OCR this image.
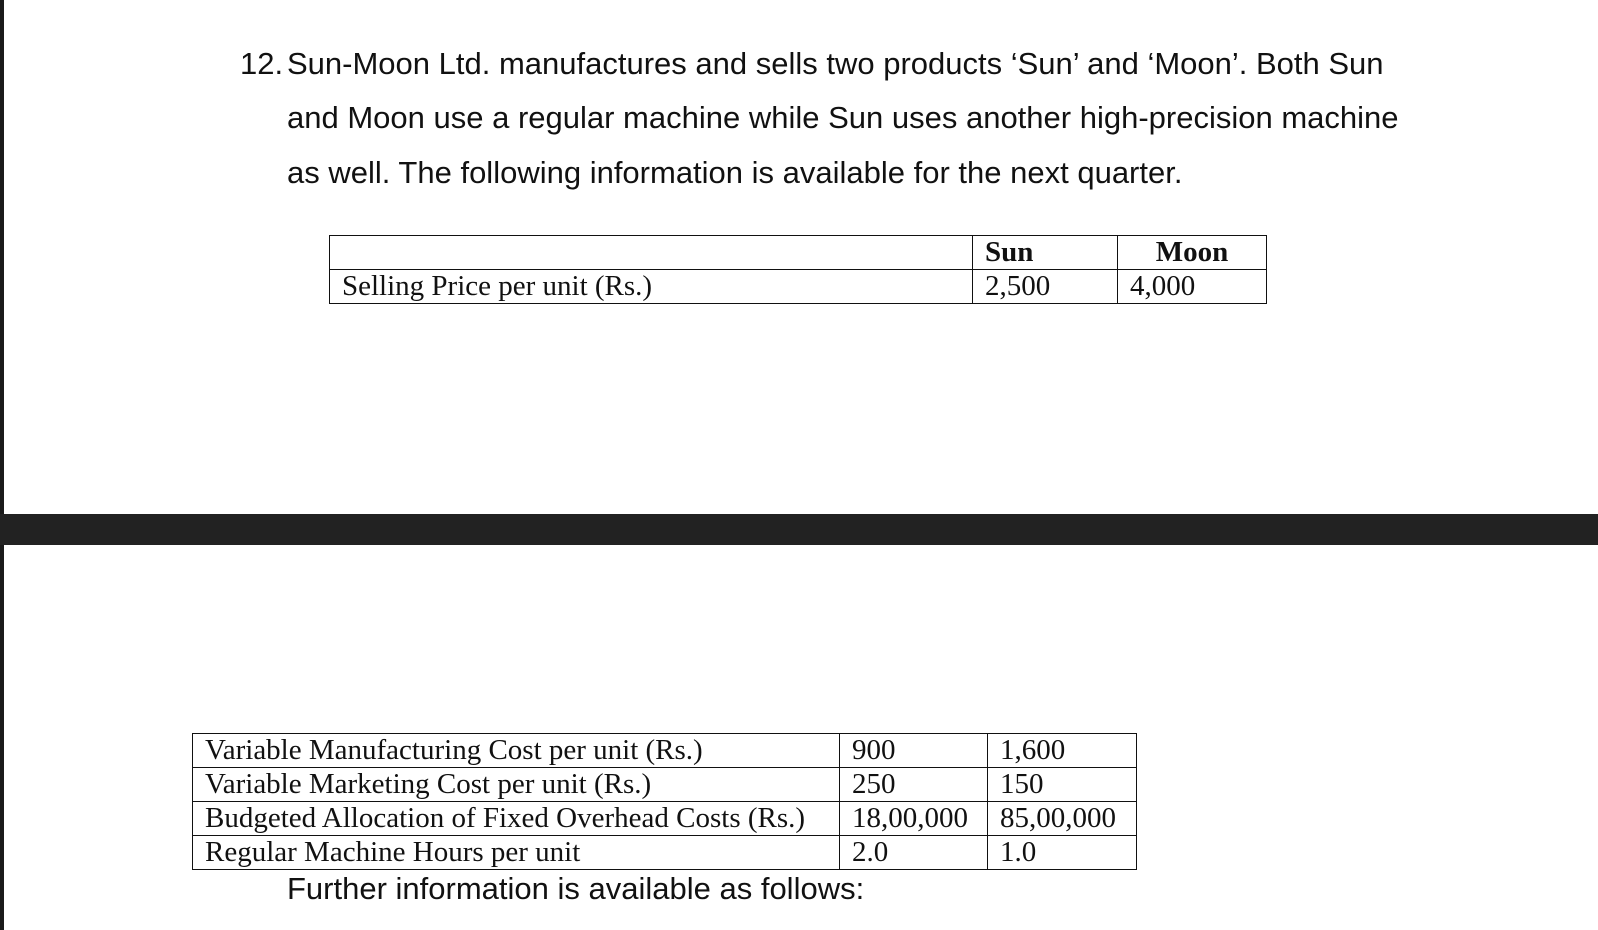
12. Sun-Moon Ltd. manufactures and sells two products ‘Sun’ and ‘Moon’. Both Sun

and Moon use a regular machine while Sun uses another high-precision machine

as well. The following information is available for the next quarter.

	Sun	Moon
Selling Price per unit (Rs.)	2,500	4,000
Variable Manufacturing Cost per unit (Rs.)	900	1,600
Variable Marketing Cost per unit (Rs.)	250	150
Budgeted Allocation of Fixed Overhead Costs (Rs.)	18,00,000	85,00,000
Regular Machine Hours per unit	2.0	1.0

Further information is available as follows:
